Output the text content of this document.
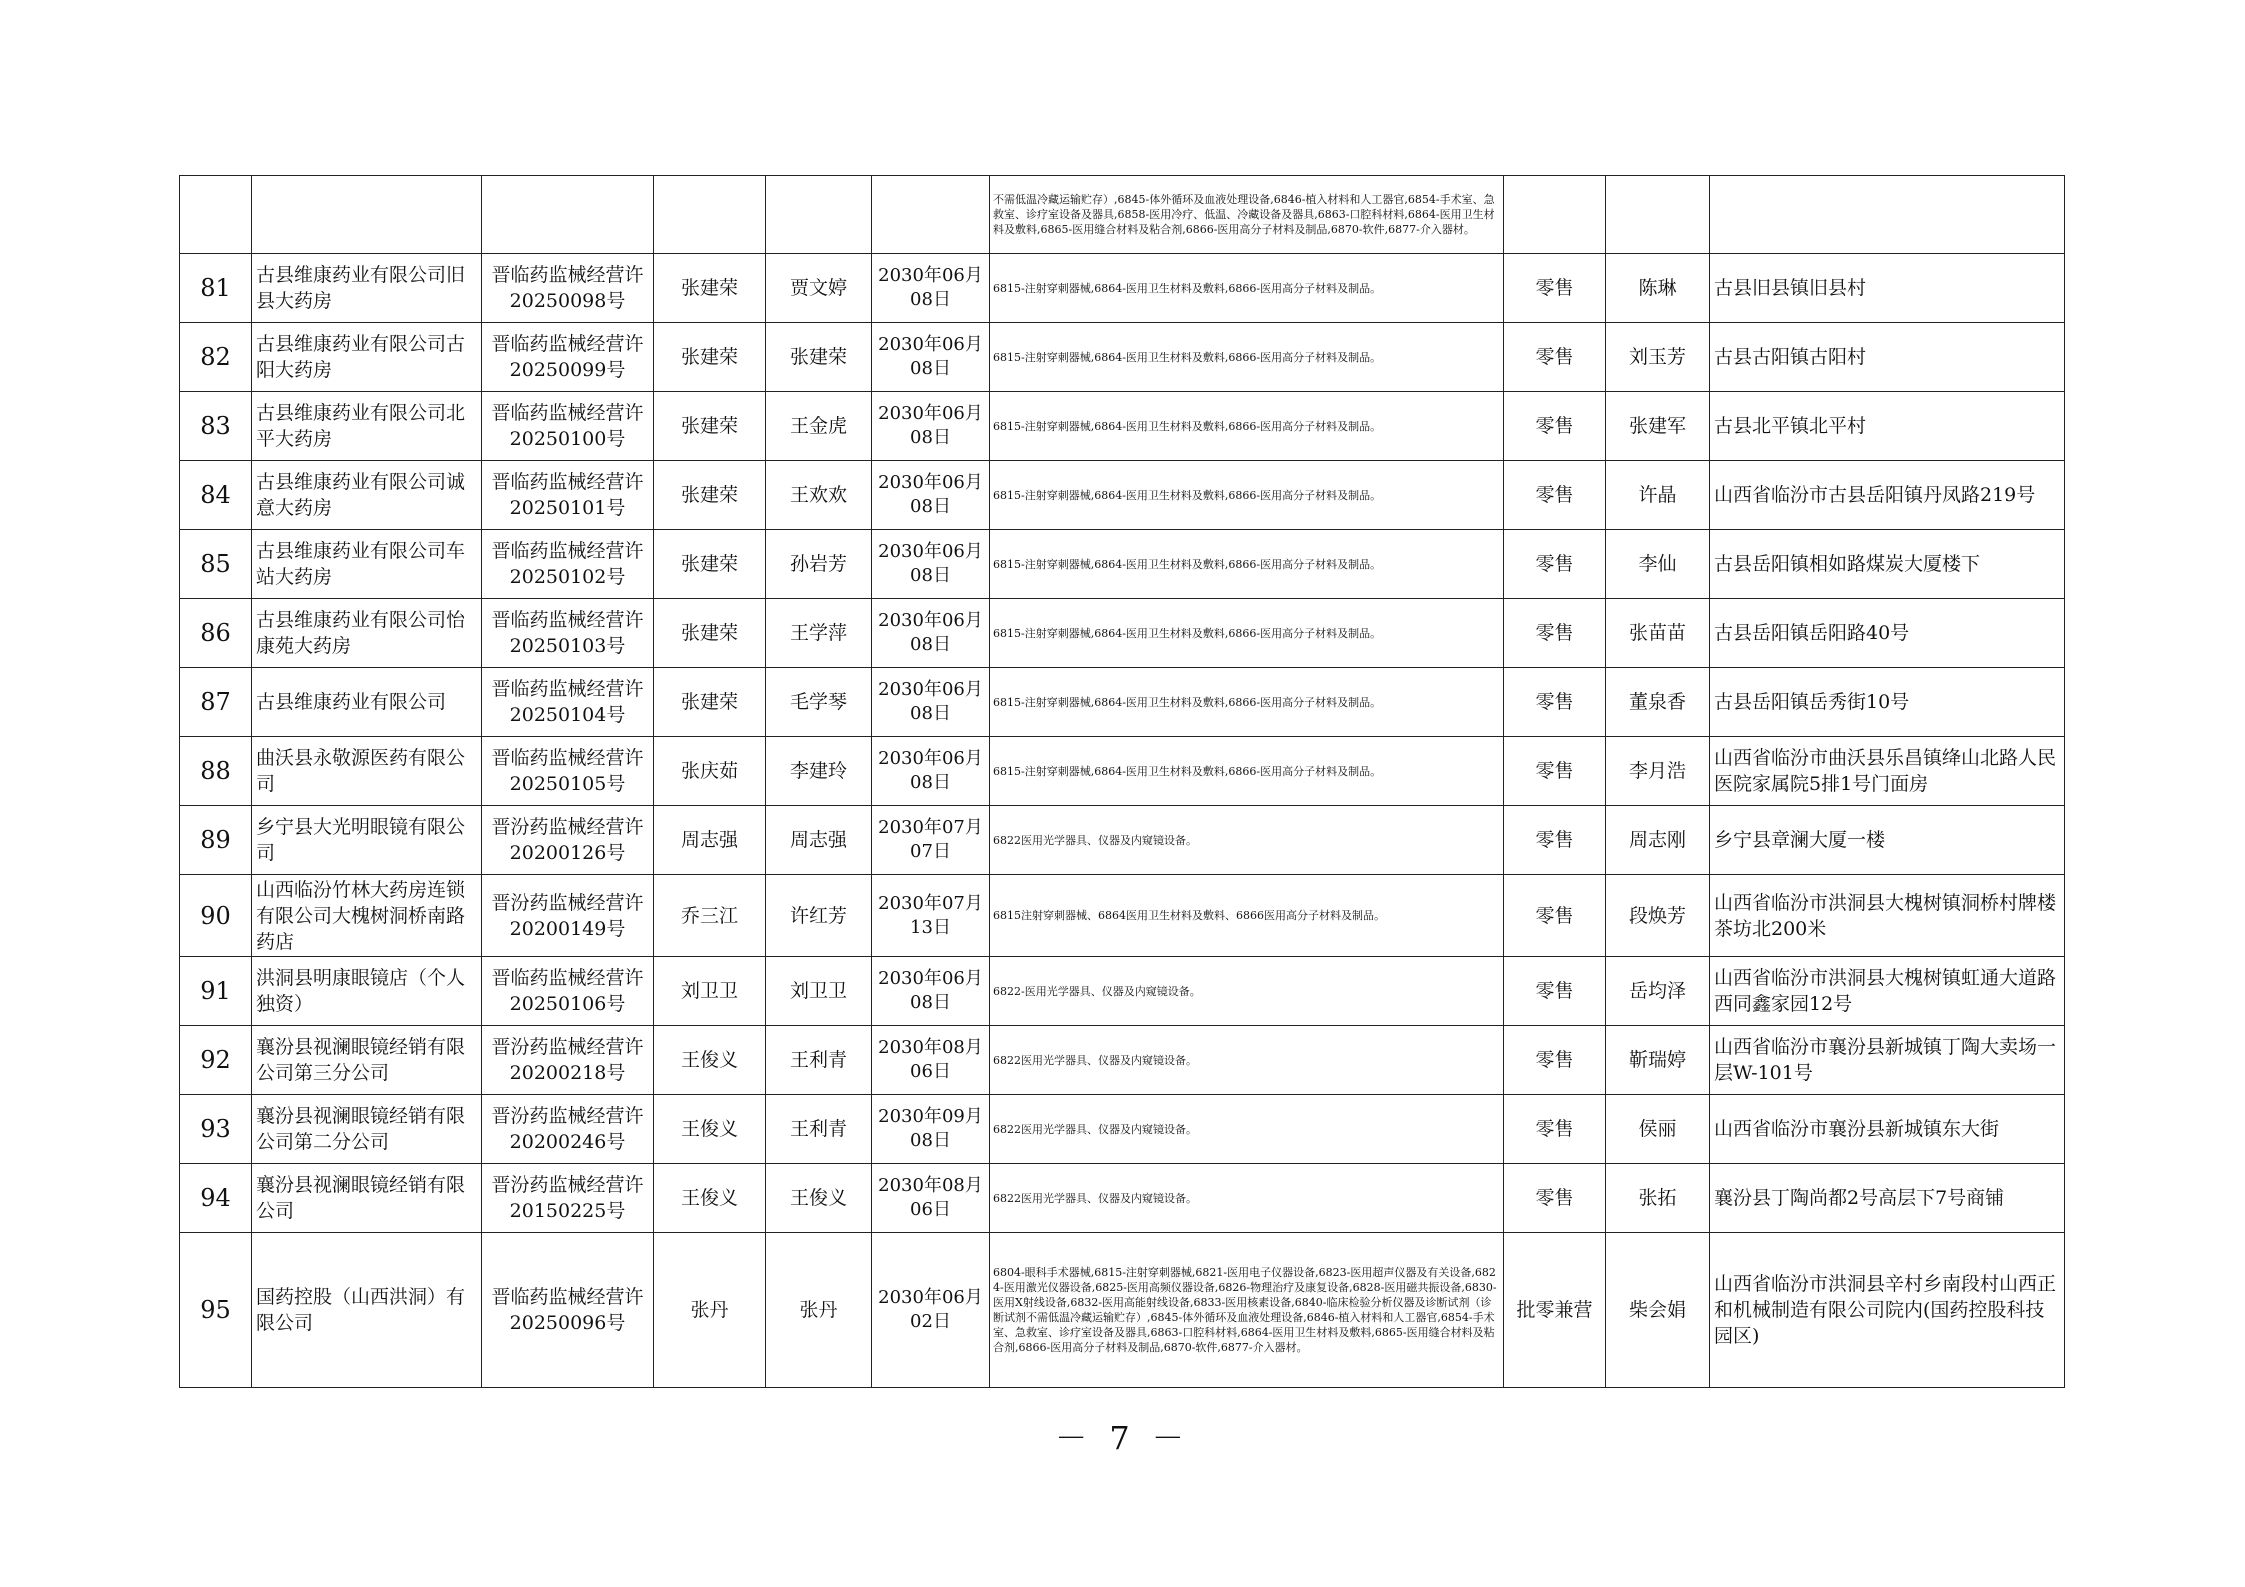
						不需低温冷藏运输贮存）,6845-体外循环及血液处理设备,6846-植入材料和人工器官,6854-手术室、急救室、诊疗室设备及器具,6858-医用冷疗、低温、冷藏设备及器具,6863-口腔科材料,6864-医用卫生材料及敷料,6865-医用缝合材料及粘合剂,6866-医用高分子材料及制品,6870-软件,6877-介入器材。			
81	古县维康药业有限公司旧县大药房	晋临药监械经营许20250098号	张建荣	贾文婷	2030年06月08日	6815-注射穿刺器械,6864-医用卫生材料及敷料,6866-医用高分子材料及制品。	零售	陈琳	古县旧县镇旧县村
82	古县维康药业有限公司古阳大药房	晋临药监械经营许20250099号	张建荣	张建荣	2030年06月08日	6815-注射穿刺器械,6864-医用卫生材料及敷料,6866-医用高分子材料及制品。	零售	刘玉芳	古县古阳镇古阳村
83	古县维康药业有限公司北平大药房	晋临药监械经营许20250100号	张建荣	王金虎	2030年06月08日	6815-注射穿刺器械,6864-医用卫生材料及敷料,6866-医用高分子材料及制品。	零售	张建军	古县北平镇北平村
84	古县维康药业有限公司诚意大药房	晋临药监械经营许20250101号	张建荣	王欢欢	2030年06月08日	6815-注射穿刺器械,6864-医用卫生材料及敷料,6866-医用高分子材料及制品。	零售	许晶	山西省临汾市古县岳阳镇丹凤路219号
85	古县维康药业有限公司车站大药房	晋临药监械经营许20250102号	张建荣	孙岩芳	2030年06月08日	6815-注射穿刺器械,6864-医用卫生材料及敷料,6866-医用高分子材料及制品。	零售	李仙	古县岳阳镇相如路煤炭大厦楼下
86	古县维康药业有限公司怡康苑大药房	晋临药监械经营许20250103号	张建荣	王学萍	2030年06月08日	6815-注射穿刺器械,6864-医用卫生材料及敷料,6866-医用高分子材料及制品。	零售	张苗苗	古县岳阳镇岳阳路40号
87	古县维康药业有限公司	晋临药监械经营许20250104号	张建荣	毛学琴	2030年06月08日	6815-注射穿刺器械,6864-医用卫生材料及敷料,6866-医用高分子材料及制品。	零售	董泉香	古县岳阳镇岳秀街10号
88	曲沃县永敬源医药有限公司	晋临药监械经营许20250105号	张庆茹	李建玲	2030年06月08日	6815-注射穿刺器械,6864-医用卫生材料及敷料,6866-医用高分子材料及制品。	零售	李月浩	山西省临汾市曲沃县乐昌镇绛山北路人民医院家属院5排1号门面房
89	乡宁县大光明眼镜有限公司	晋汾药监械经营许20200126号	周志强	周志强	2030年07月07日	6822医用光学器具、仪器及内窥镜设备。	零售	周志刚	乡宁县章澜大厦一楼
90	山西临汾竹林大药房连锁有限公司大槐树洞桥南路药店	晋汾药监械经营许20200149号	乔三江	许红芳	2030年07月13日	6815注射穿刺器械、6864医用卫生材料及敷料、6866医用高分子材料及制品。	零售	段焕芳	山西省临汾市洪洞县大槐树镇洞桥村牌楼茶坊北200米
91	洪洞县明康眼镜店（个人独资）	晋临药监械经营许20250106号	刘卫卫	刘卫卫	2030年06月08日	6822-医用光学器具、仪器及内窥镜设备。	零售	岳均泽	山西省临汾市洪洞县大槐树镇虹通大道路西同鑫家园12号
92	襄汾县视澜眼镜经销有限公司第三分公司	晋汾药监械经营许20200218号	王俊义	王利青	2030年08月06日	6822医用光学器具、仪器及内窥镜设备。	零售	靳瑞婷	山西省临汾市襄汾县新城镇丁陶大卖场一层W-101号
93	襄汾县视澜眼镜经销有限公司第二分公司	晋汾药监械经营许20200246号	王俊义	王利青	2030年09月08日	6822医用光学器具、仪器及内窥镜设备。	零售	侯丽	山西省临汾市襄汾县新城镇东大街
94	襄汾县视澜眼镜经销有限公司	晋汾药监械经营许20150225号	王俊义	王俊义	2030年08月06日	6822医用光学器具、仪器及内窥镜设备。	零售	张拓	襄汾县丁陶尚都2号高层下7号商铺
95	国药控股（山西洪洞）有限公司	晋临药监械经营许20250096号	张丹	张丹	2030年06月02日	6804-眼科手术器械,6815-注射穿刺器械,6821-医用电子仪器设备,6823-医用超声仪器及有关设备,6824-医用激光仪器设备,6825-医用高频仪器设备,6826-物理治疗及康复设备,6828-医用磁共振设备,6830-医用X射线设备,6832-医用高能射线设备,6833-医用核素设备,6840-临床检验分析仪器及诊断试剂（诊断试剂不需低温冷藏运输贮存）,6845-体外循环及血液处理设备,6846-植入材料和人工器官,6854-手术室、急救室、诊疗室设备及器具,6863-口腔科材料,6864-医用卫生材料及敷料,6865-医用缝合材料及粘合剂,6866-医用高分子材料及制品,6870-软件,6877-介入器材。	批零兼营	柴会娟	山西省临汾市洪洞县辛村乡南段村山西正和机械制造有限公司院内(国药控股科技园区)
－ 7 －
